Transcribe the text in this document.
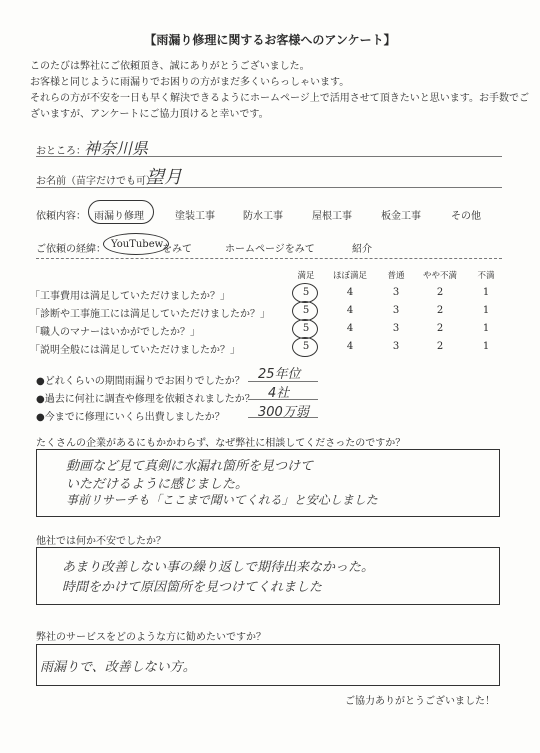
【雨漏り修理に関するお客様へのアンケート】
このたびは弊社にご依頼頂き、誠にありがとうございました。
お客様と同じように雨漏りでお困りの方がまだ多くいらっしゃいます。
それらの方が不安を一日も早く解決できるようにホームページ上で活用させて頂きたいと思います。お手数でご
ざいますが、アンケートにご協力頂けると幸いです。
おところ：
神奈川県
お名前（苗字だけでも可）
望月
依頼内容： 雨漏り修理	塗装工事	防水工事	屋根工事	板金工事	その他
ご依頼の経緯： YouTubew
をみて	ホームページをみて	紹介
満足	ほぼ満足	普通	やや不満	不満
「工事費用は満足していただけましたか？」	5	4	3	2	1
「診断や工事施工には満足していただけましたか？」	5	4	3	2	1
「職人のマナーはいかがでしたか？」	5	4	3	2	1
「説明全般には満足していただけましたか？」	5	4	3	2	1
●どれくらいの期間雨漏りでお困りでしたか？ 25年位
●過去に何社に調査や修理を依頼されましたか？ 4社
●今までに修理にいくら出費しましたか？	300万弱
たくさんの企業があるにもかかわらず、なぜ弊社に相談してくださったのですか？
動画など見て真剣に水漏れ箇所を見つけて
いただけるように感じました。
事前リサーチも「ここまで聞いてくれる」と安心しました
他社では何か不安でしたか？
あまり改善しない事の繰り返しで期待出来なかった。
時間をかけて原因箇所を見つけてくれました
弊社のサービスをどのような方に勧めたいですか？
雨漏りで、改善しない方。
ご協力ありがとうございました！
